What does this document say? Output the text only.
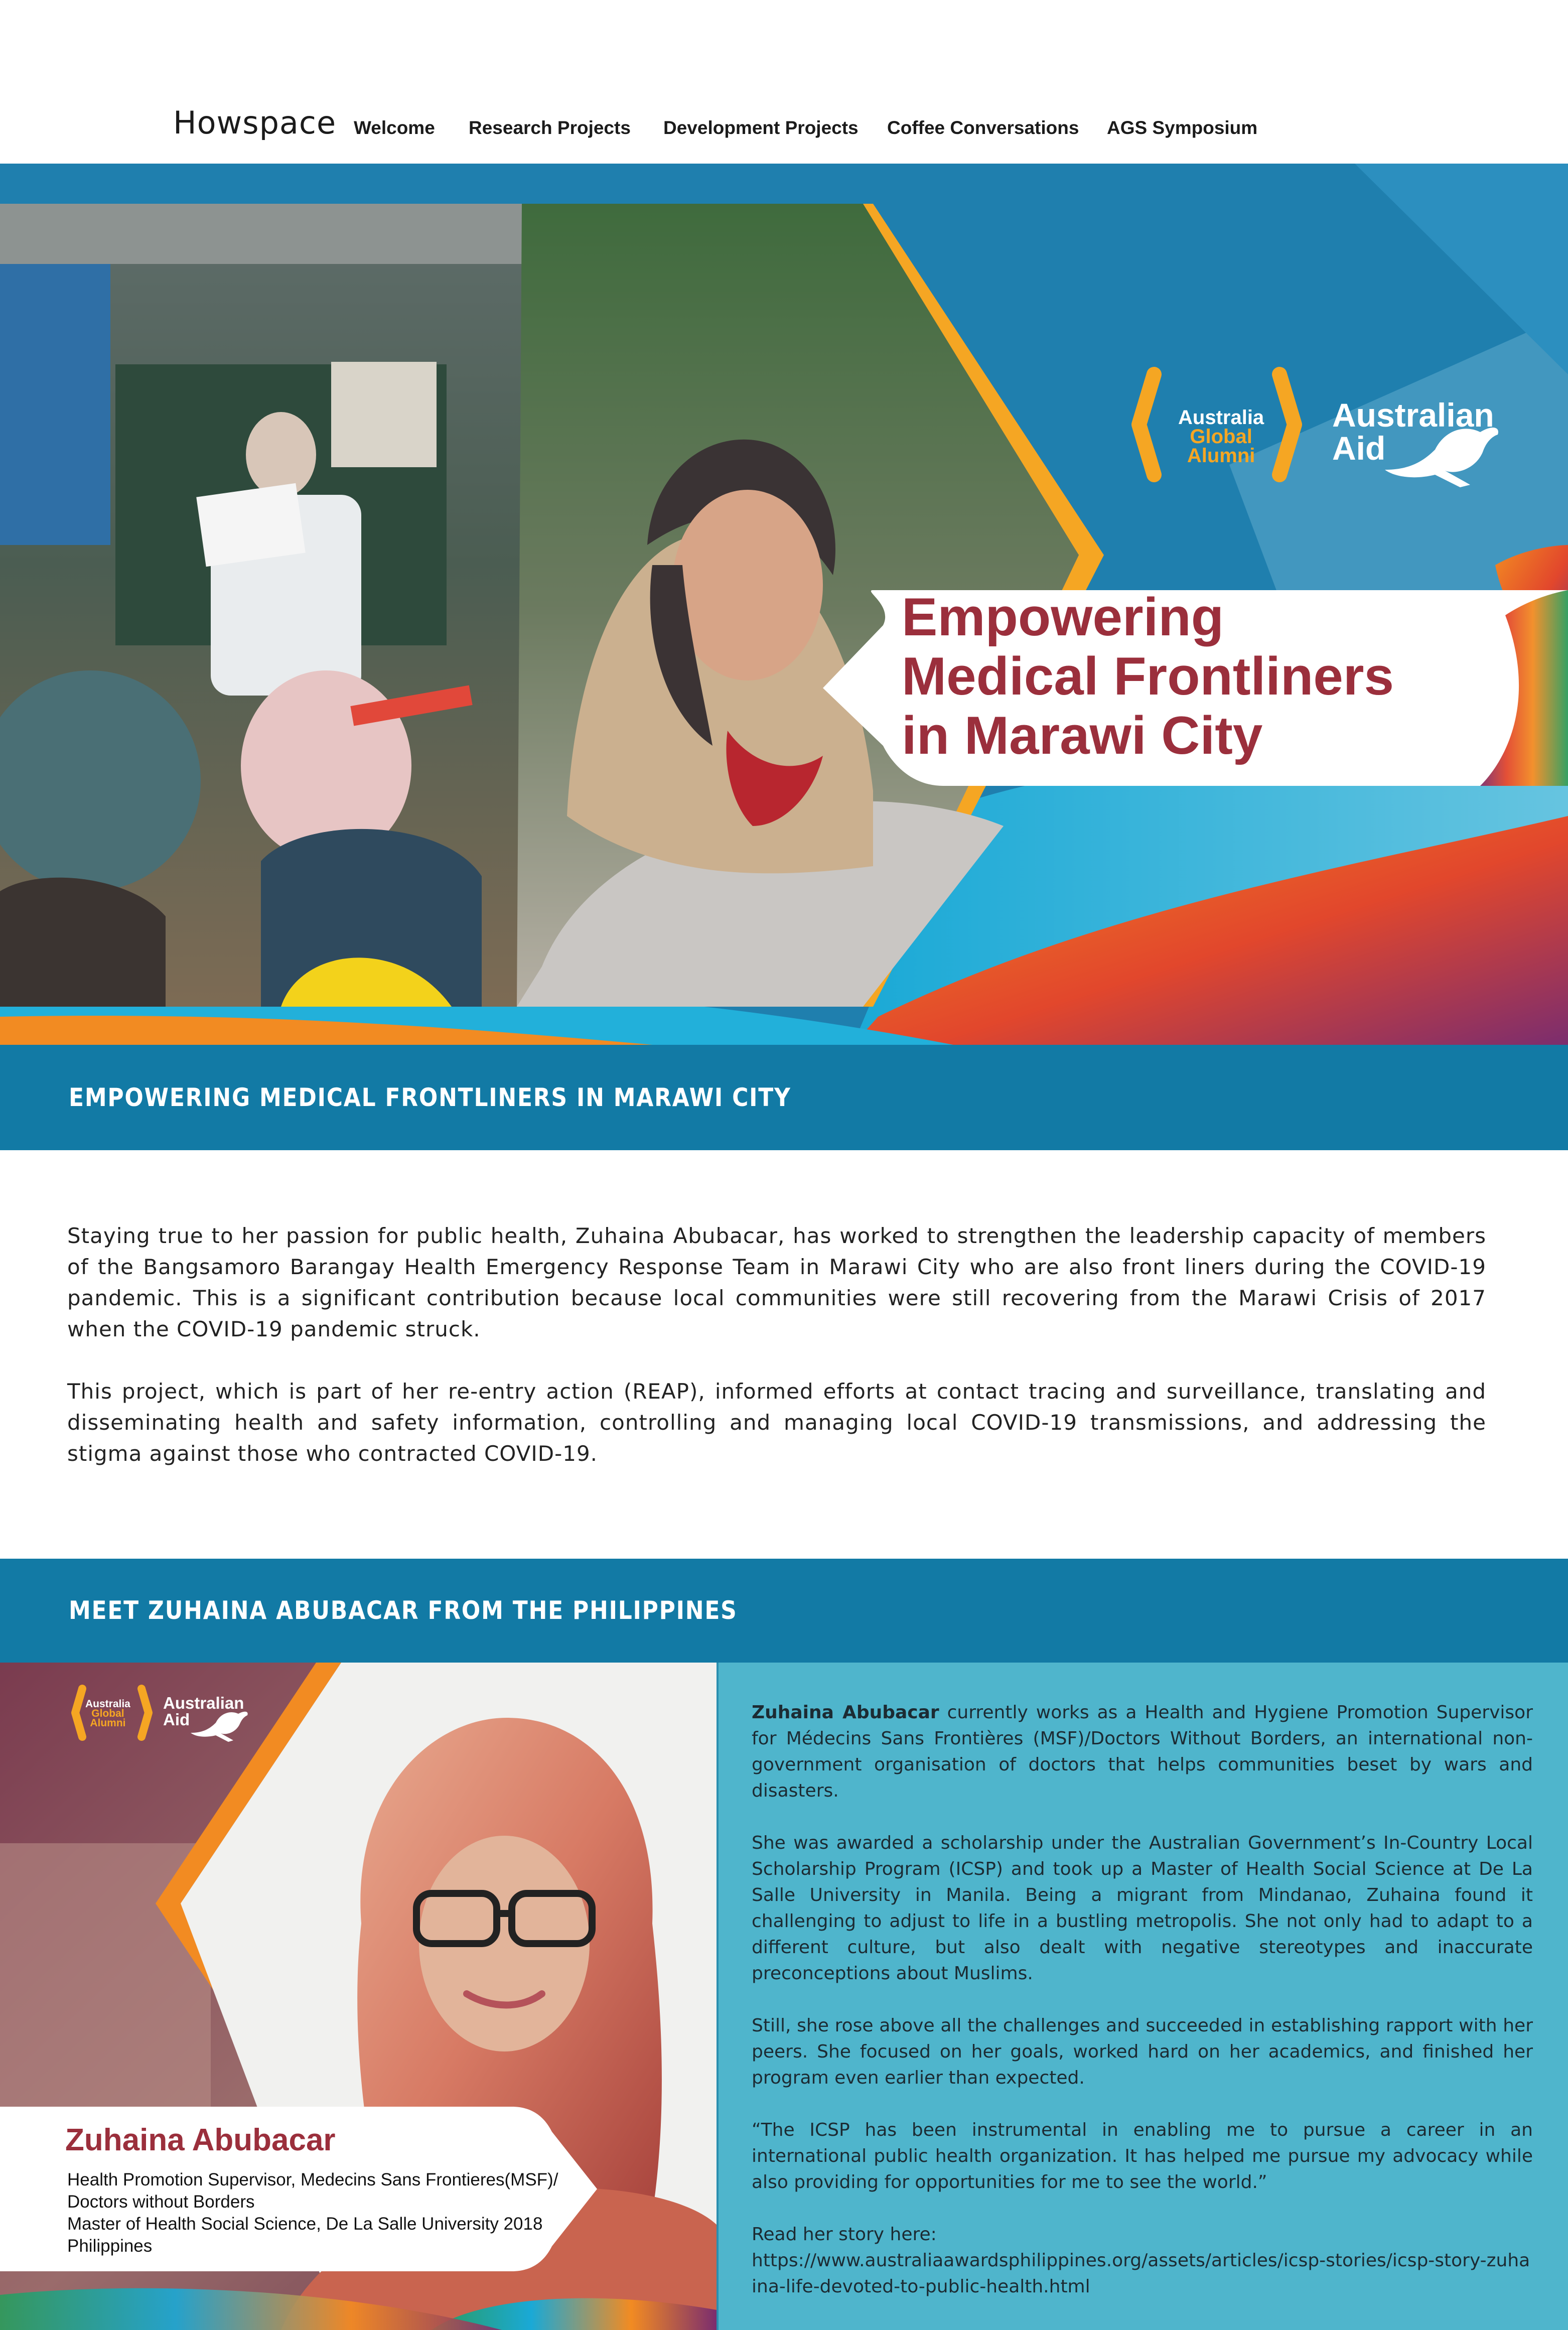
Howspace Welcome Research Projects Development Projects Coffee Conversations AGS Symposium
Australia
Global
Alumni
Australian
Aid
Empowering
Medical Frontliners
in Marawi City
EMPOWERING MEDICAL FRONTLINERS IN MARAWI CITY

Staying true to her passion for public health, Zuhaina Abubacar, has worked to strengthen the leadership capacity of members of the Bangsamoro Barangay Health Emergency Response Team in Marawi City who are also front liners during the COVID-19 pandemic. This is a significant contribution because local communities were still recovering from the Marawi Crisis of 2017 when the COVID-19 pandemic struck.

This project, which is part of her re-entry action (REAP), informed efforts at contact tracing and surveillance, translating and disseminating health and safety information, controlling and managing local COVID-19 transmissions, and addressing the stigma against those who contracted COVID-19.

MEET ZUHAINA ABUBACAR FROM THE PHILIPPINES
Australia
Global
Alumni
Australian
Aid
Zuhaina Abubacar
Health Promotion Supervisor, Medecins Sans Frontieres(MSF)/
Doctors without Borders
Master of Health Social Science, De La Salle University 2018
Philippines

Zuhaina Abubacar currently works as a Health and Hygiene Promotion Supervisor for Médecins Sans Frontières (MSF)/Doctors Without Borders, an international non-government organisation of doctors that helps communities beset by wars and disasters.

She was awarded a scholarship under the Australian Government’s In-Country Local Scholarship Program (ICSP) and took up a Master of Health Social Science at De La Salle University in Manila. Being a migrant from Mindanao, Zuhaina found it challenging to adjust to life in a bustling metropolis. She not only had to adapt to a different culture, but also dealt with negative stereotypes and inaccurate preconceptions about Muslims.

Still, she rose above all the challenges and succeeded in establishing rapport with her peers. She focused on her goals, worked hard on her academics, and finished her program even earlier than expected.

“The ICSP has been instrumental in enabling me to pursue a career in an international public health organization. It has helped me pursue my advocacy while also providing for opportunities for me to see the world.”

Read her story here:
https://www.australiaawardsphilippines.org/assets/articles/icsp-stories/icsp-story-zuhaina-life-devoted-to-public-health.html
